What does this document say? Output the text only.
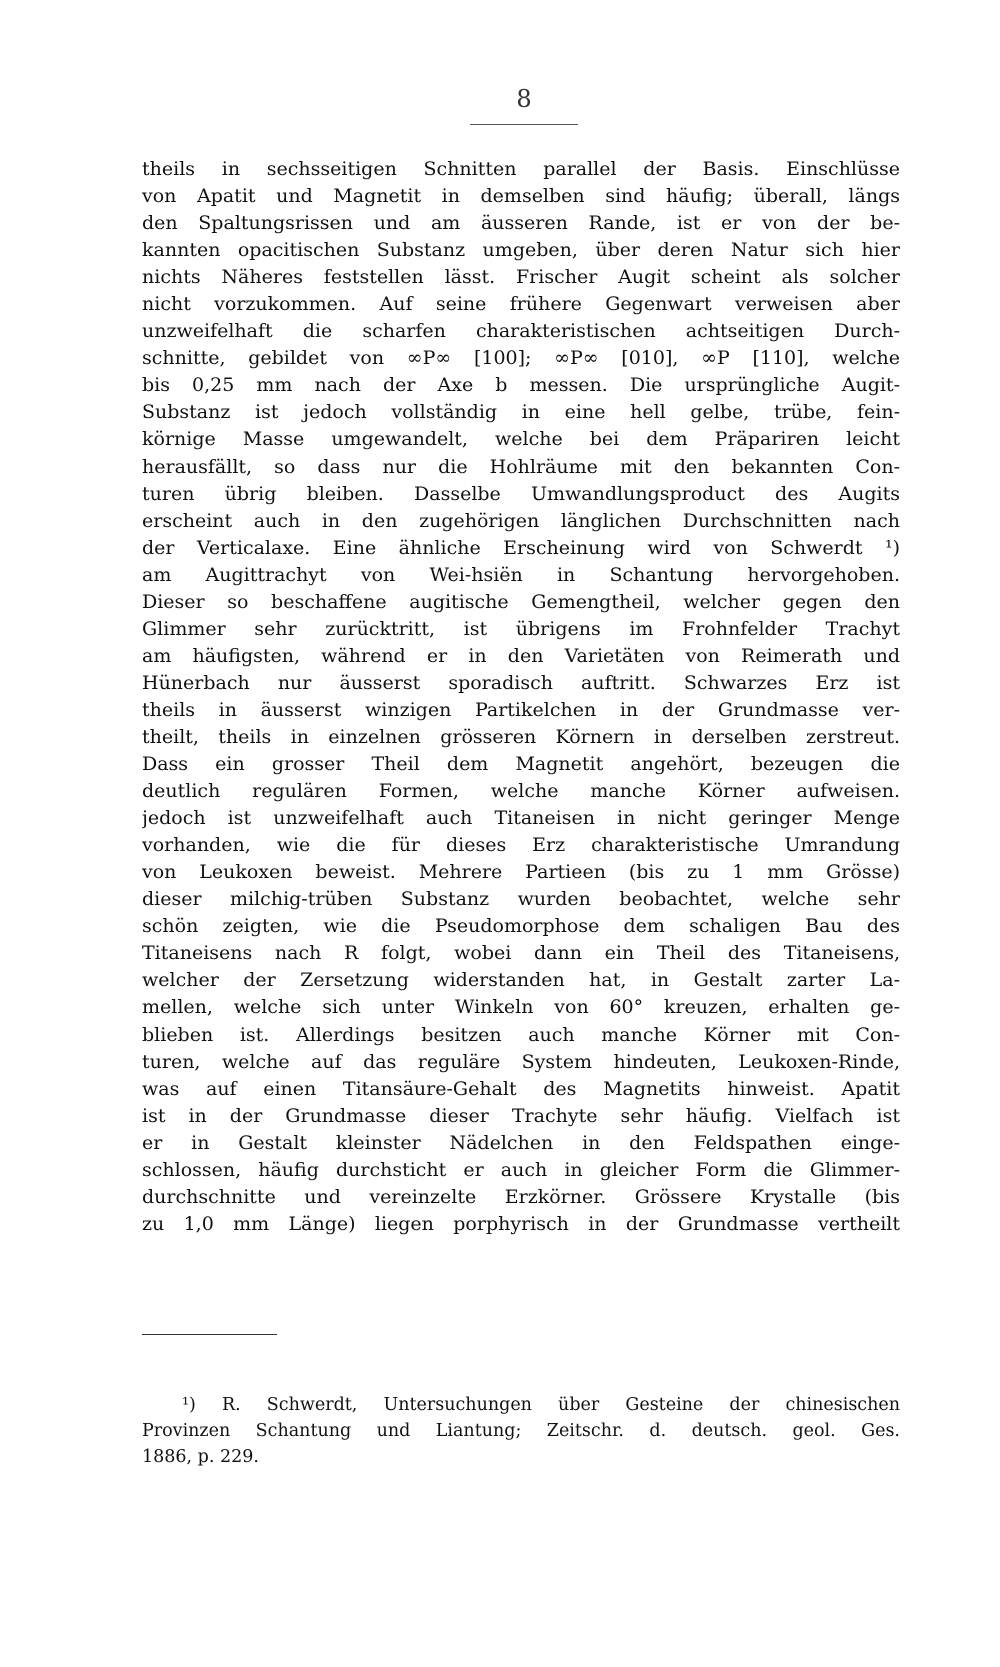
8
theils in sechsseitigen Schnitten parallel der Basis. Einschlüsse
von Apatit und Magnetit in demselben sind häufig; überall, längs
den Spaltungsrissen und am äusseren Rande, ist er von der be-
kannten opacitischen Substanz umgeben, über deren Natur sich hier
nichts Näheres feststellen lässt. Frischer Augit scheint als solcher
nicht vorzukommen. Auf seine frühere Gegenwart verweisen aber
unzweifelhaft die scharfen charakteristischen achtseitigen Durch-
schnitte, gebildet von ∞P∞ [100]; ∞P∞ [010], ∞P [110], welche
bis 0,25 mm nach der Axe b messen. Die ursprüngliche Augit-
Substanz ist jedoch vollständig in eine hell gelbe, trübe, fein-
körnige Masse umgewandelt, welche bei dem Präpariren leicht
herausfällt, so dass nur die Hohlräume mit den bekannten Con-
turen übrig bleiben. Dasselbe Umwandlungsproduct des Augits
erscheint auch in den zugehörigen länglichen Durchschnitten nach
der Verticalaxe. Eine ähnliche Erscheinung wird von Schwerdt ¹)
am Augittrachyt von Wei-hsiën in Schantung hervorgehoben.
Dieser so beschaffene augitische Gemengtheil, welcher gegen den
Glimmer sehr zurücktritt, ist übrigens im Frohnfelder Trachyt
am häufigsten, während er in den Varietäten von Reimerath und
Hünerbach nur äusserst sporadisch auftritt. Schwarzes Erz ist
theils in äusserst winzigen Partikelchen in der Grundmasse ver-
theilt, theils in einzelnen grösseren Körnern in derselben zerstreut.
Dass ein grosser Theil dem Magnetit angehört, bezeugen die
deutlich regulären Formen, welche manche Körner aufweisen.
jedoch ist unzweifelhaft auch Titaneisen in nicht geringer Menge
vorhanden, wie die für dieses Erz charakteristische Umrandung
von Leukoxen beweist. Mehrere Partieen (bis zu 1 mm Grösse)
dieser milchig-trüben Substanz wurden beobachtet, welche sehr
schön zeigten, wie die Pseudomorphose dem schaligen Bau des
Titaneisens nach R folgt, wobei dann ein Theil des Titaneisens,
welcher der Zersetzung widerstanden hat, in Gestalt zarter La-
mellen, welche sich unter Winkeln von 60° kreuzen, erhalten ge-
blieben ist. Allerdings besitzen auch manche Körner mit Con-
turen, welche auf das reguläre System hindeuten, Leukoxen-Rinde,
was auf einen Titansäure-Gehalt des Magnetits hinweist. Apatit
ist in der Grundmasse dieser Trachyte sehr häufig. Vielfach ist
er in Gestalt kleinster Nädelchen in den Feldspathen einge-
schlossen, häufig durchsticht er auch in gleicher Form die Glimmer-
durchschnitte und vereinzelte Erzkörner. Grössere Krystalle (bis
zu 1,0 mm Länge) liegen porphyrisch in der Grundmasse vertheilt
¹) R. Schwerdt, Untersuchungen über Gesteine der chinesischen
Provinzen Schantung und Liantung; Zeitschr. d. deutsch. geol. Ges.
1886, p. 229.
